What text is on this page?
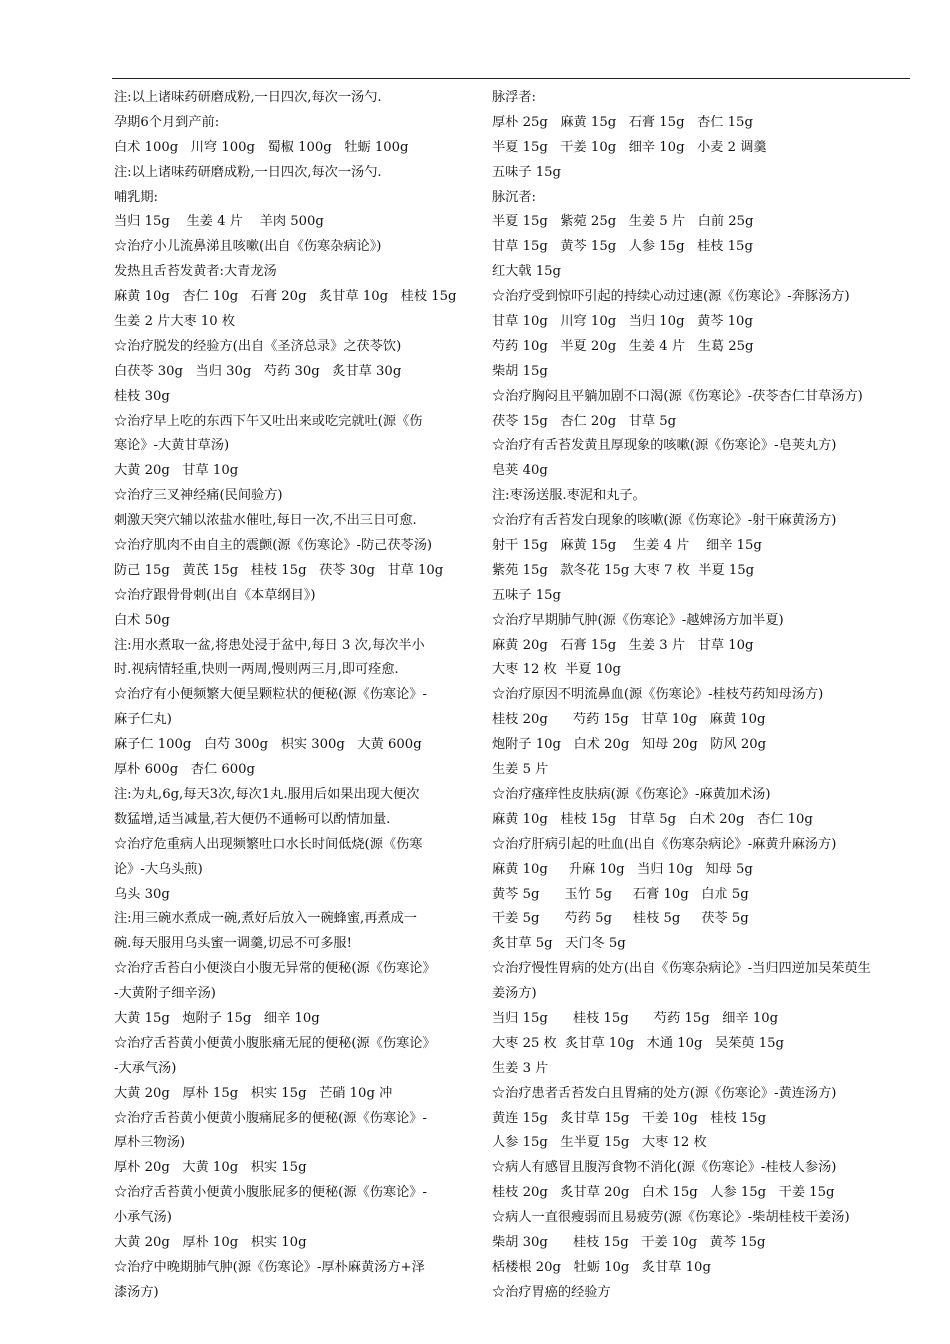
注:以上诸味药研磨成粉,一日四次,每次一汤勺.
孕期6个月到产前:
白术 100g   川穹 100g   蜀椒 100g   牡蛎 100g
注:以上诸味药研磨成粉,一日四次,每次一汤勺.
哺乳期:
当归 15g    生姜 4 片    羊肉 500g
☆治疗小儿流鼻涕且咳嗽(出自《伤寒杂病论》)
发热且舌苔发黄者:大青龙汤
麻黄 10g   杏仁 10g   石膏 20g   炙甘草 10g   桂枝 15g
生姜 2 片大枣 10 枚
☆治疗脱发的经验方(出自《圣济总录》之茯苓饮)
白茯苓 30g   当归 30g   芍药 30g   炙甘草 30g
桂枝 30g
☆治疗早上吃的东西下午又吐出来或吃完就吐(源《伤
寒论》-大黄甘草汤)
大黄 20g   甘草 10g
☆治疗三叉神经痛(民间验方)
刺激天突穴辅以浓盐水催吐,每日一次,不出三日可愈.
☆治疗肌肉不由自主的震颤(源《伤寒论》-防己茯苓汤)
防己 15g   黄芪 15g   桂枝 15g   茯苓 30g   甘草 10g
☆治疗跟骨骨刺(出自《本草纲目》)
白术 50g
注:用水煮取一盆,将患处浸于盆中,每日 3 次,每次半小
时.视病情轻重,快则一两周,慢则两三月,即可痊愈.
☆治疗有小便频繁大便呈颗粒状的便秘(源《伤寒论》-
麻子仁丸)
麻子仁 100g   白芍 300g   枳实 300g   大黄 600g
厚朴 600g   杏仁 600g
注:为丸,6g,每天3次,每次1丸.服用后如果出现大便次
数猛增,适当减量,若大便仍不通畅可以酌情加量.
☆治疗危重病人出现频繁吐口水长时间低烧(源《伤寒
论》-大乌头煎)
乌头 30g
注:用三碗水煮成一碗,煮好后放入一碗蜂蜜,再煮成一
碗.每天服用乌头蜜一调羹,切忌不可多服!
☆治疗舌苔白小便淡白小腹无异常的便秘(源《伤寒论》
-大黄附子细辛汤)
大黄 15g   炮附子 15g   细辛 10g
☆治疗舌苔黄小便黄小腹胀痛无屁的便秘(源《伤寒论》
-大承气汤)
大黄 20g   厚朴 15g   枳实 15g   芒硝 10g 冲
☆治疗舌苔黄小便黄小腹痛屁多的便秘(源《伤寒论》-
厚朴三物汤)
厚朴 20g   大黄 10g   枳实 15g
☆治疗舌苔黄小便黄小腹胀屁多的便秘(源《伤寒论》-
小承气汤)
大黄 20g   厚朴 10g   枳实 10g
☆治疗中晚期肺气肿(源《伤寒论》-厚朴麻黄汤方+泽
漆汤方)
脉浮者:
厚朴 25g   麻黄 15g   石膏 15g   杏仁 15g
半夏 15g   干姜 10g   细辛 10g   小麦 2 调羹
五味子 15g
脉沉者:
半夏 15g   紫菀 25g   生姜 5 片   白前 25g
甘草 15g   黄芩 15g   人参 15g   桂枝 15g
红大戟 15g
☆治疗受到惊吓引起的持续心动过速(源《伤寒论》-奔豚汤方)
甘草 10g   川穹 10g   当归 10g   黄芩 10g
芍药 10g   半夏 20g   生姜 4 片   生葛 25g
柴胡 15g
☆治疗胸闷且平躺加剧不口渴(源《伤寒论》-茯苓杏仁甘草汤方)
茯苓 15g   杏仁 20g   甘草 5g
☆治疗有舌苔发黄且厚现象的咳嗽(源《伤寒论》-皂荚丸方)
皂荚 40g
注:枣汤送服.枣泥和丸子。
☆治疗有舌苔发白现象的咳嗽(源《伤寒论》-射干麻黄汤方)
射干 15g   麻黄 15g    生姜 4 片    细辛 15g
紫苑 15g   款冬花 15g 大枣 7 枚  半夏 15g
五味子 15g
☆治疗早期肺气肿(源《伤寒论》-越婢汤方加半夏)
麻黄 20g   石膏 15g   生姜 3 片   甘草 10g
大枣 12 枚  半夏 10g
☆治疗原因不明流鼻血(源《伤寒论》-桂枝芍药知母汤方)
桂枝 20g      芍药 15g   甘草 10g   麻黄 10g
炮附子 10g   白术 20g   知母 20g   防风 20g
生姜 5 片
☆治疗瘙痒性皮肤病(源《伤寒论》-麻黄加术汤)
麻黄 10g   桂枝 15g   甘草 5g   白术 20g   杏仁 10g
☆治疗肝病引起的吐血(出自《伤寒杂病论》-麻黄升麻汤方)
麻黄 10g     升麻 10g   当归 10g   知母 5g
黄芩 5g      玉竹 5g     石膏 10g   白朮 5g
干姜 5g      芍药 5g     桂枝 5g     茯苓 5g
炙甘草 5g   天门冬 5g
☆治疗慢性胃病的处方(出自《伤寒杂病论》-当归四逆加吴茱萸生
姜汤方)
当归 15g      桂枝 15g      芍药 15g   细辛 10g
大枣 25 枚  炙甘草 10g   木通 10g   吴茱萸 15g
生姜 3 片
☆治疗患者舌苔发白且胃痛的处方(源《伤寒论》-黄连汤方)
黄连 15g   炙甘草 15g   干姜 10g   桂枝 15g
人参 15g   生半夏 15g   大枣 12 枚
☆病人有感冒且腹泻食物不消化(源《伤寒论》-桂枝人参汤)
桂枝 20g   炙甘草 20g   白术 15g   人参 15g   干姜 15g
☆病人一直很瘦弱而且易疲劳(源《伤寒论》-柴胡桂枝干姜汤)
柴胡 30g      桂枝 15g   干姜 10g   黄芩 15g
栝楼根 20g   牡蛎 10g   炙甘草 10g
☆治疗胃癌的经验方
